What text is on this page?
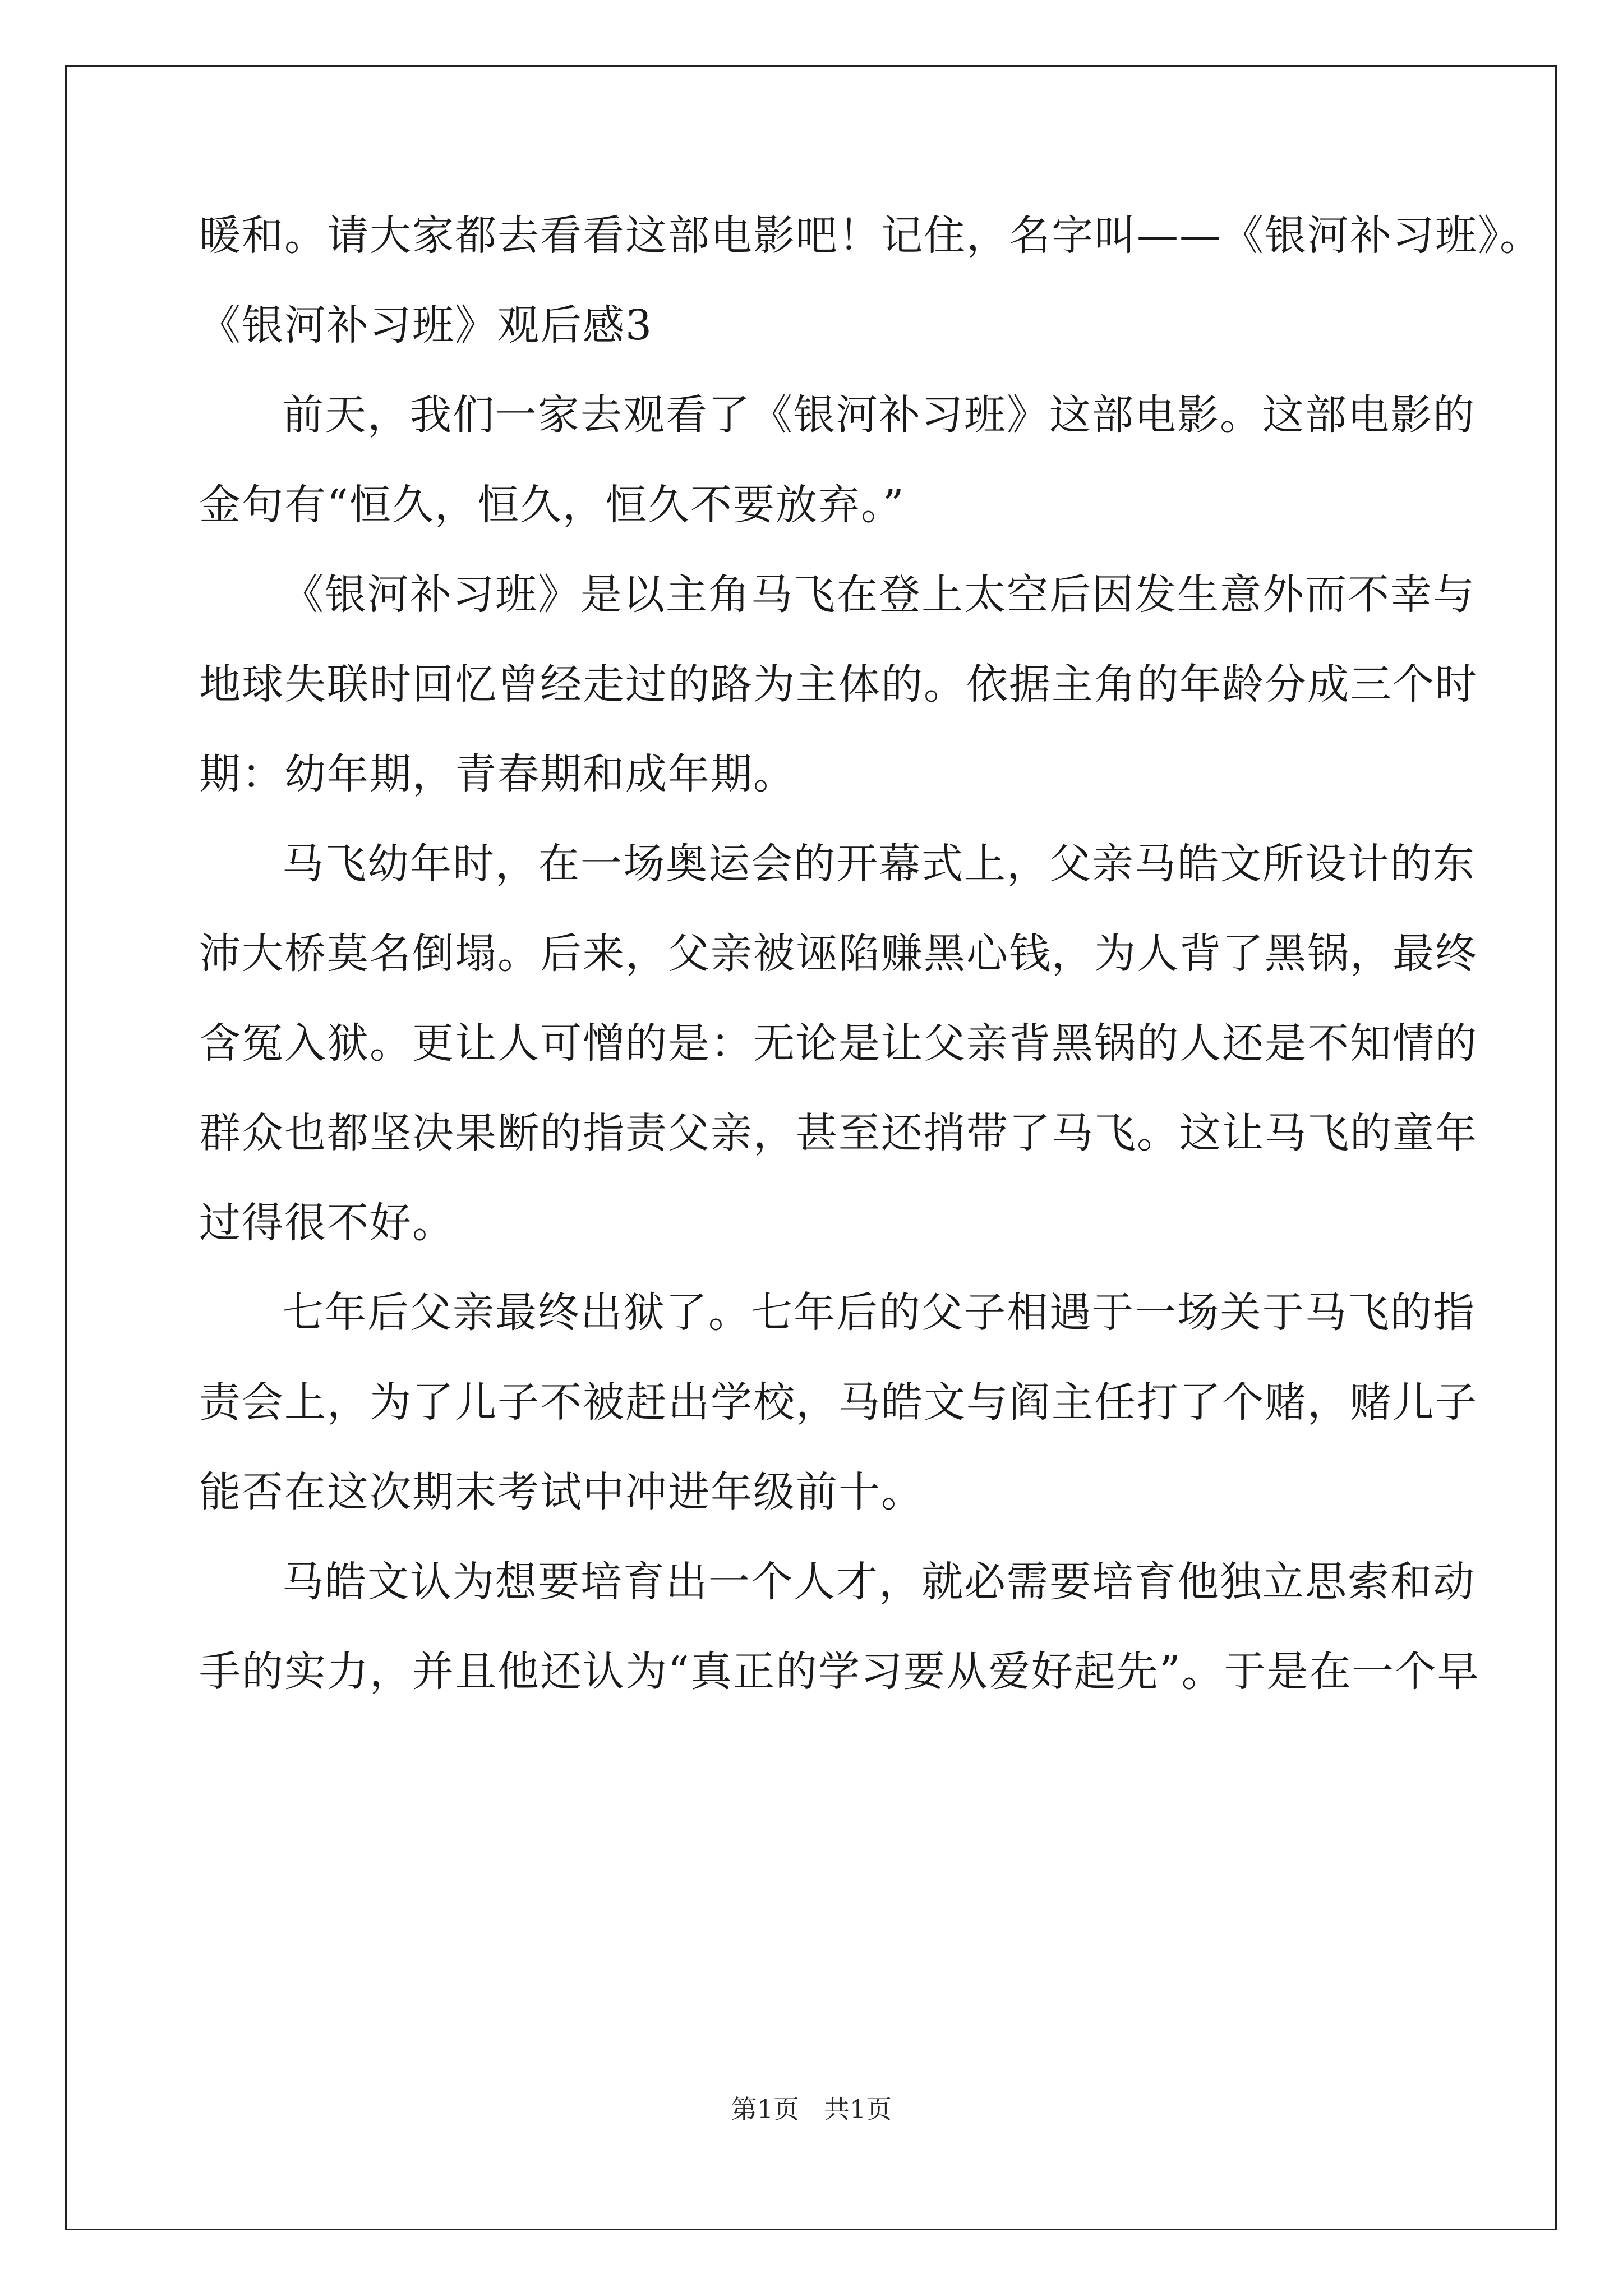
暖和。请大家都去看看这部电影吧！记住，名字叫——《银河补习班》。
《银河补习班》观后感3
前天，我们一家去观看了《银河补习班》这部电影。这部电影的
金句有“恒久，恒久，恒久不要放弃。”
《银河补习班》是以主角马飞在登上太空后因发生意外而不幸与
地球失联时回忆曾经走过的路为主体的。依据主角的年龄分成三个时
期：幼年期，青春期和成年期。
马飞幼年时，在一场奥运会的开幕式上，父亲马皓文所设计的东
沛大桥莫名倒塌。后来，父亲被诬陷赚黑心钱，为人背了黑锅，最终
含冤入狱。更让人可憎的是：无论是让父亲背黑锅的人还是不知情的
群众也都坚决果断的指责父亲，甚至还捎带了马飞。这让马飞的童年
过得很不好。
七年后父亲最终出狱了。七年后的父子相遇于一场关于马飞的指
责会上，为了儿子不被赶出学校，马皓文与阎主任打了个赌，赌儿子
能否在这次期末考试中冲进年级前十。
马皓文认为想要培育出一个人才，就必需要培育他独立思索和动
手的实力，并且他还认为“真正的学习要从爱好起先”。于是在一个早
第1页 共1页
